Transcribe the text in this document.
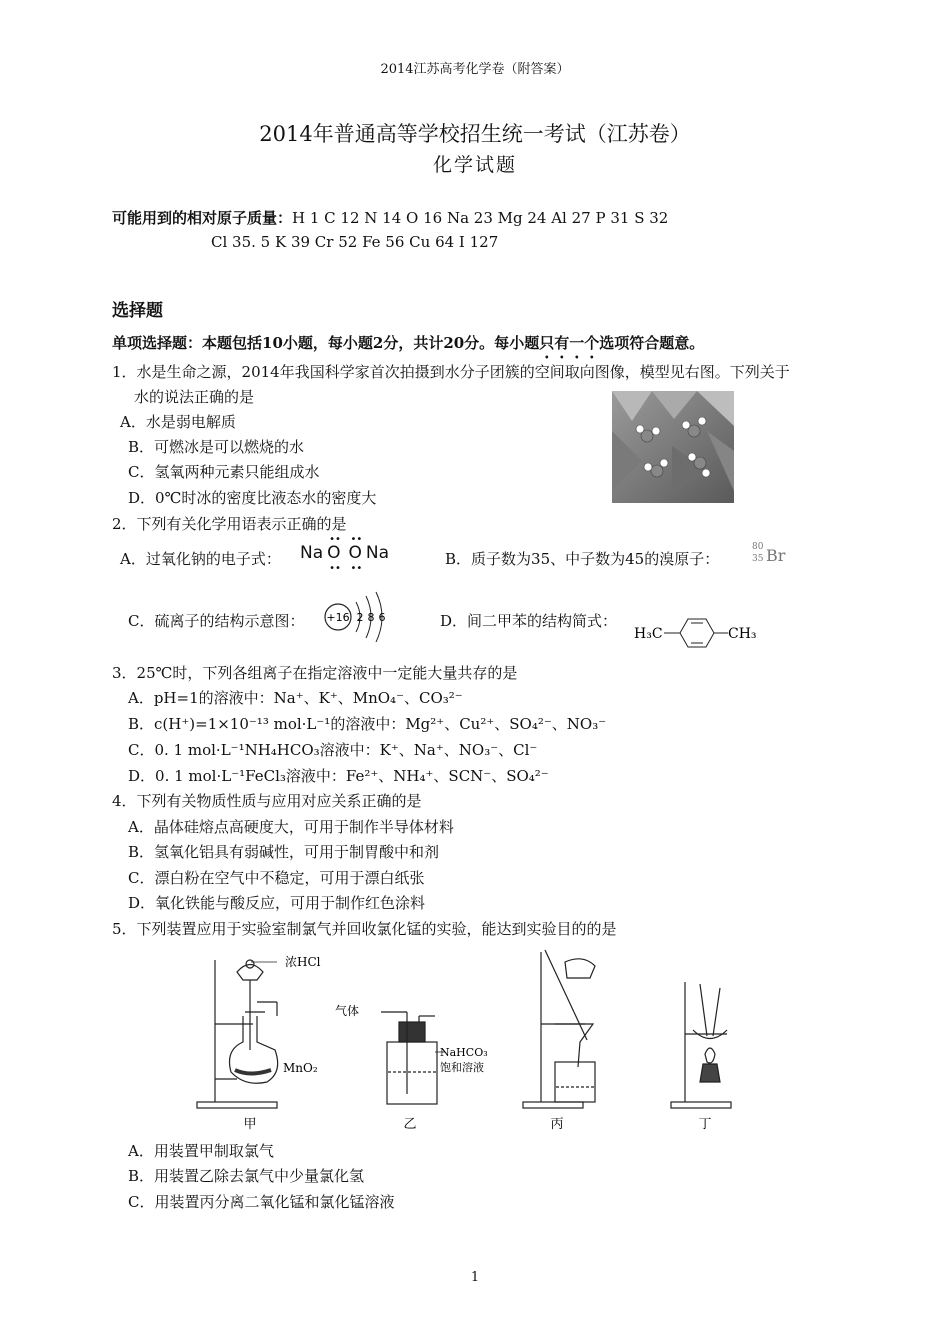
2014江苏高考化学卷（附答案）
2014年普通高等学校招生统一考试（江苏卷）
化学试题
可能用到的相对原子质量：H 1 C 12 N 14 O 16 Na 23 Mg 24 Al 27 P 31 S 32
Cl 35. 5 K 39 Cr 52 Fe 56 Cu 64 I 127
选择题
单项选择题：本题包括10小题，每小题2分，共计20分。每小题只有一个选项符合题意。
1．水是生命之源，2014年我国科学家首次拍摄到水分子团簇的空间取向图像，模型见右图。下列关于
水的说法正确的是
A．水是弱电解质
B．可燃冰是可以燃烧的水
C．氢氧两种元素只能组成水
D．0℃时冰的密度比液态水的密度大
2．下列有关化学用语表示正确的是
A．过氧化钠的电子式： Na O
••
••
O
••
••
Na	B．质子数为35、中子数为45的溴原子：
80
35 Br
C．硫离子的结构示意图： +16 2 8 6	D．间二甲苯的结构简式：
H₃C	CH₃
3．25℃时，下列各组离子在指定溶液中一定能大量共存的是
A．pH=1的溶液中：Na⁺、K⁺、MnO₄⁻、CO₃²⁻
B．c(H⁺)=1×10⁻¹³ mol·L⁻¹的溶液中：Mg²⁺、Cu²⁺、SO₄²⁻、NO₃⁻
C．0. 1 mol·L⁻¹NH₄HCO₃溶液中：K⁺、Na⁺、NO₃⁻、Cl⁻
D．0. 1 mol·L⁻¹FeCl₃溶液中：Fe²⁺、NH₄⁺、SCN⁻、SO₄²⁻
4．下列有关物质性质与应用对应关系正确的是
A．晶体硅熔点高硬度大，可用于制作半导体材料
B．氢氧化铝具有弱碱性，可用于制胃酸中和剂
C．漂白粉在空气中不稳定，可用于漂白纸张
D．氧化铁能与酸反应，可用于制作红色涂料
5．下列装置应用于实验室制氯气并回收氯化锰的实验，能达到实验目的的是
浓HCl
MnO₂
气体
NaHCO₃
饱和溶液
甲	乙	丙	丁
A．用装置甲制取氯气
B．用装置乙除去氯气中少量氯化氢
C．用装置丙分离二氧化锰和氯化锰溶液
1
